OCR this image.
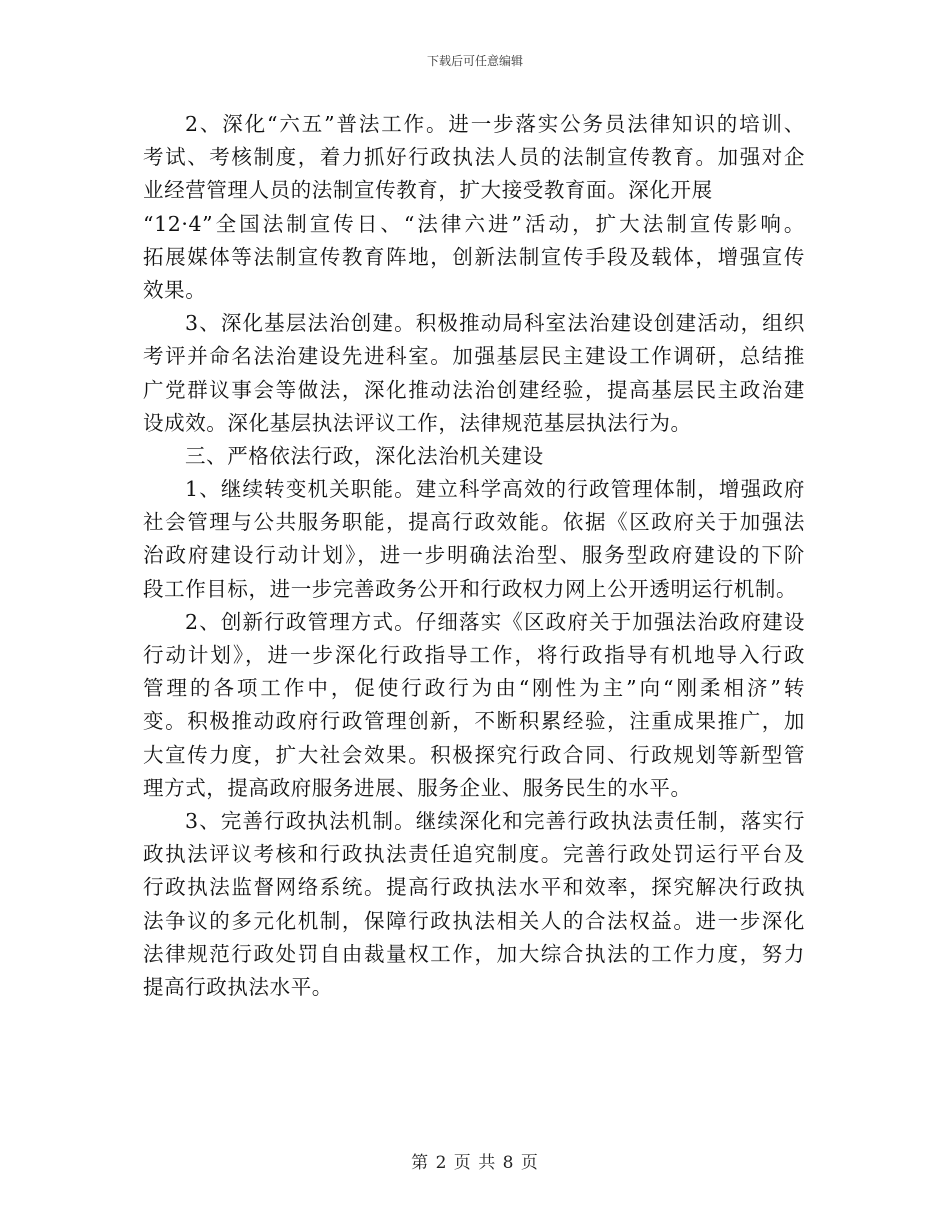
下载后可任意编辑
2、深化“六五”普法工作。进一步落实公务员法律知识的培训、
考试、考核制度，着力抓好行政执法人员的法制宣传教育。加强对企
业经营管理人员的法制宣传教育，扩大接受教育面。深化开展
“12·4”全国法制宣传日、“法律六进”活动，扩大法制宣传影响。
拓展媒体等法制宣传教育阵地，创新法制宣传手段及载体，增强宣传
效果。
3、深化基层法治创建。积极推动局科室法治建设创建活动，组织
考评并命名法治建设先进科室。加强基层民主建设工作调研，总结推
广党群议事会等做法，深化推动法治创建经验，提高基层民主政治建
设成效。深化基层执法评议工作，法律规范基层执法行为。
三、严格依法行政，深化法治机关建设
1、继续转变机关职能。建立科学高效的行政管理体制，增强政府
社会管理与公共服务职能，提高行政效能。依据《区政府关于加强法
治政府建设行动计划》，进一步明确法治型、服务型政府建设的下阶
段工作目标，进一步完善政务公开和行政权力网上公开透明运行机制。
2、创新行政管理方式。仔细落实《区政府关于加强法治政府建设
行动计划》，进一步深化行政指导工作，将行政指导有机地导入行政
管理的各项工作中，促使行政行为由“刚性为主”向“刚柔相济”转
变。积极推动政府行政管理创新，不断积累经验，注重成果推广，加
大宣传力度，扩大社会效果。积极探究行政合同、行政规划等新型管
理方式，提高政府服务进展、服务企业、服务民生的水平。
3、完善行政执法机制。继续深化和完善行政执法责任制，落实行
政执法评议考核和行政执法责任追究制度。完善行政处罚运行平台及
行政执法监督网络系统。提高行政执法水平和效率，探究解决行政执
法争议的多元化机制，保障行政执法相关人的合法权益。进一步深化
法律规范行政处罚自由裁量权工作，加大综合执法的工作力度，努力
提高行政执法水平。
第 2 页 共 8 页
